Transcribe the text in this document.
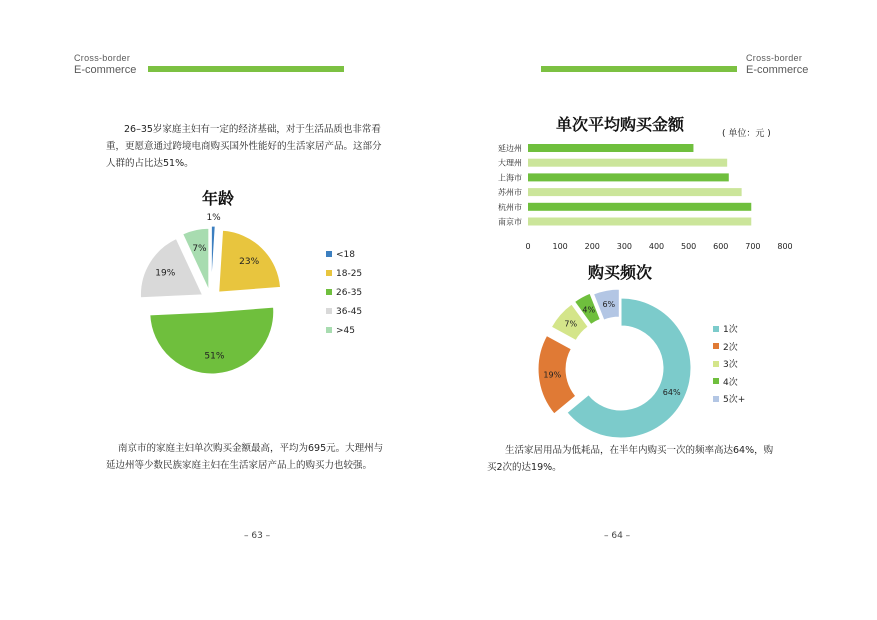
Cross-border
E-commerce
26–35岁家庭主妇有一定的经济基础，对于生活品质也非常看
重，更愿意通过跨境电商购买国外性能好的生活家居产品。这部分
人群的占比达51%。
年龄
1%
23%
51%
19%
7%
<18
18-25
26-35
36-45
>45
南京市的家庭主妇单次购买金额最高，平均为695元。大理州与
延边州等少数民族家庭主妇在生活家居产品上的购买力也较强。
– 63 –
Cross-border
E-commerce
单次平均购买金额	( 单位：元 )
延边州
大理州
上海市
苏州市
杭州市
南京市
0	100 200 300 400 500 600 700 800
购买频次
64%
19%
7%
4%
6%
1次
2次
3次
4次
5次+
生活家居用品为低耗品，在半年内购买一次的频率高达64%，购
买2次的达19%。
– 64 –
